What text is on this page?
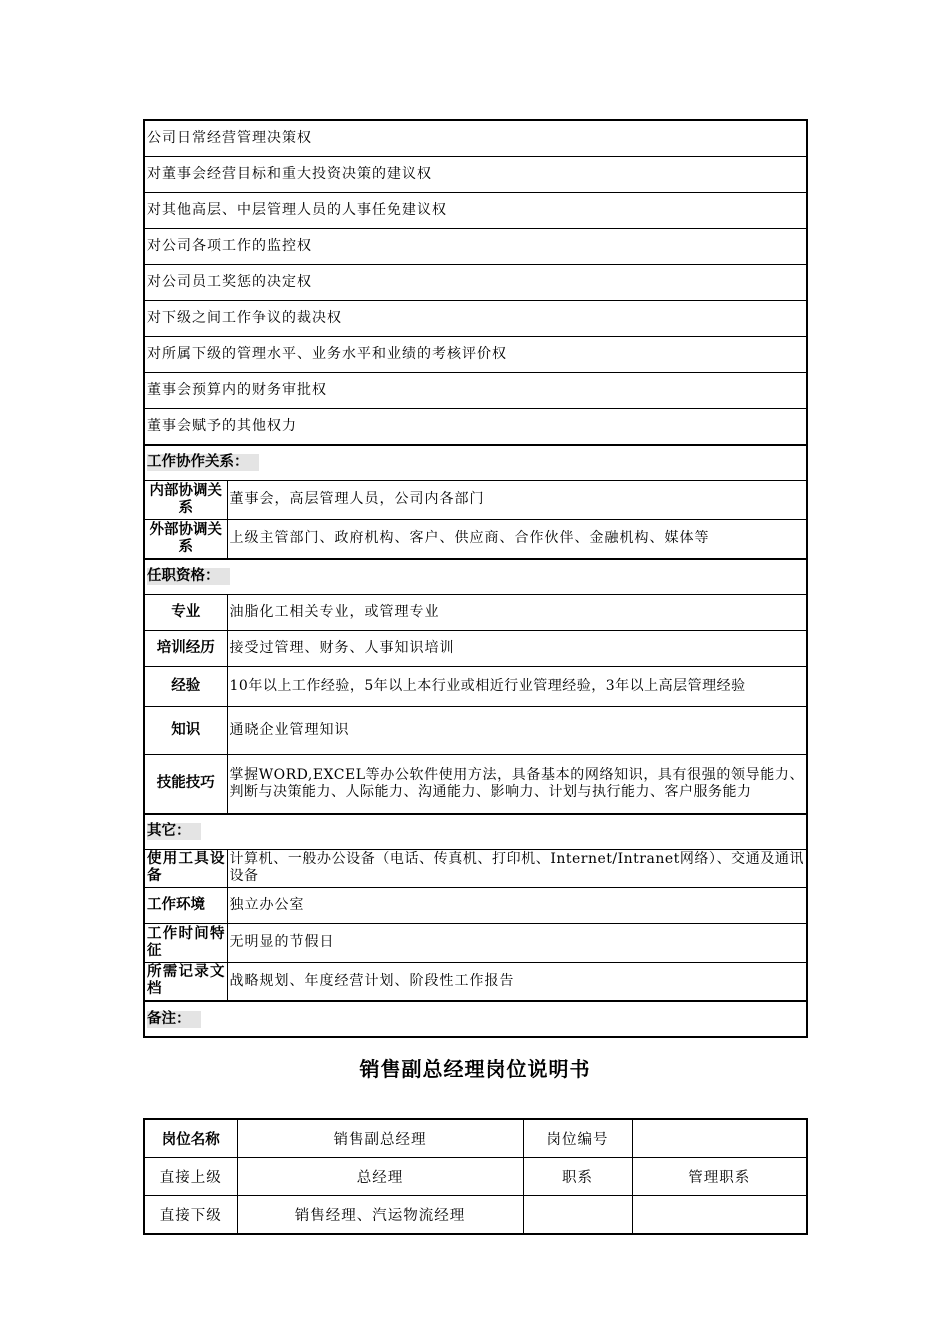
公司日常经营管理决策权	
对董事会经营目标和重大投资决策的建议权	
对其他高层、中层管理人员的人事任免建议权	
对公司各项工作的监控权	
对公司员工奖惩的决定权	
对下级之间工作争议的裁决权	
对所属下级的管理水平、业务水平和业绩的考核评价权	
董事会预算内的财务审批权	
董事会赋予的其他权力	
工作协作关系：	
内部协调关系	董事会，高层管理人员，公司内各部门
外部协调关系	上级主管部门、政府机构、客户、供应商、合作伙伴、金融机构、媒体等
任职资格：	
专业	油脂化工相关专业，或管理专业
培训经历	接受过管理、财务、人事知识培训
经验	10年以上工作经验，5年以上本行业或相近行业管理经验，3年以上高层管理经验
知识	通晓企业管理知识
技能技巧	掌握WORD,EXCEL等办公软件使用方法，具备基本的网络知识，具有很强的领导能力、判断与决策能力、人际能力、沟通能力、影响力、计划与执行能力、客户服务能力
其它：	
使用工具设备	计算机、一般办公设备（电话、传真机、打印机、Internet/Intranet网络）、交通及通讯设备
工作环境	独立办公室
工作时间特征	无明显的节假日
所需记录文档	战略规划、年度经营计划、阶段性工作报告
备注：	
销售副总经理岗位说明书
岗位名称	销售副总经理	岗位编号	
直接上级	总经理	职系	管理职系
直接下级	销售经理、汽运物流经理		
